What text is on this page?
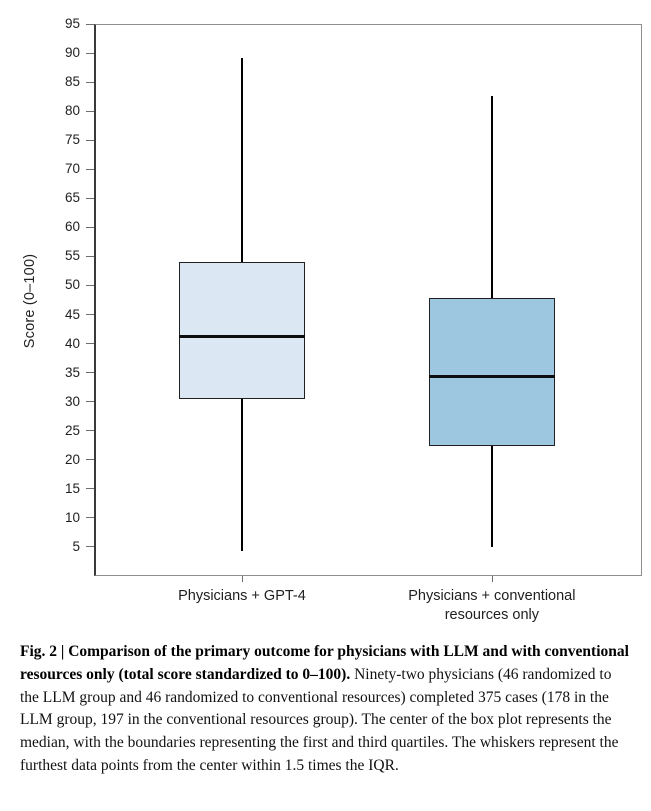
Score (0–100)
5
10
15
20
25
30
35
40
45
50
55
60
65
70
75
80
85
90
95
Physicians + GPT-4	Physicians + conventional
resources only

Fig. 2 | Comparison of the primary outcome for physicians with LLM and with conventional resources only (total score standardized to 0–100). Ninety-two physicians (46 randomized to the LLM group and 46 randomized to conventional resources) completed 375 cases (178 in the LLM group, 197 in the conventional resources group). The center of the box plot represents the median, with the boundaries representing the first and third quartiles. The whiskers represent the furthest data points from the center within 1.5 times the IQR.
